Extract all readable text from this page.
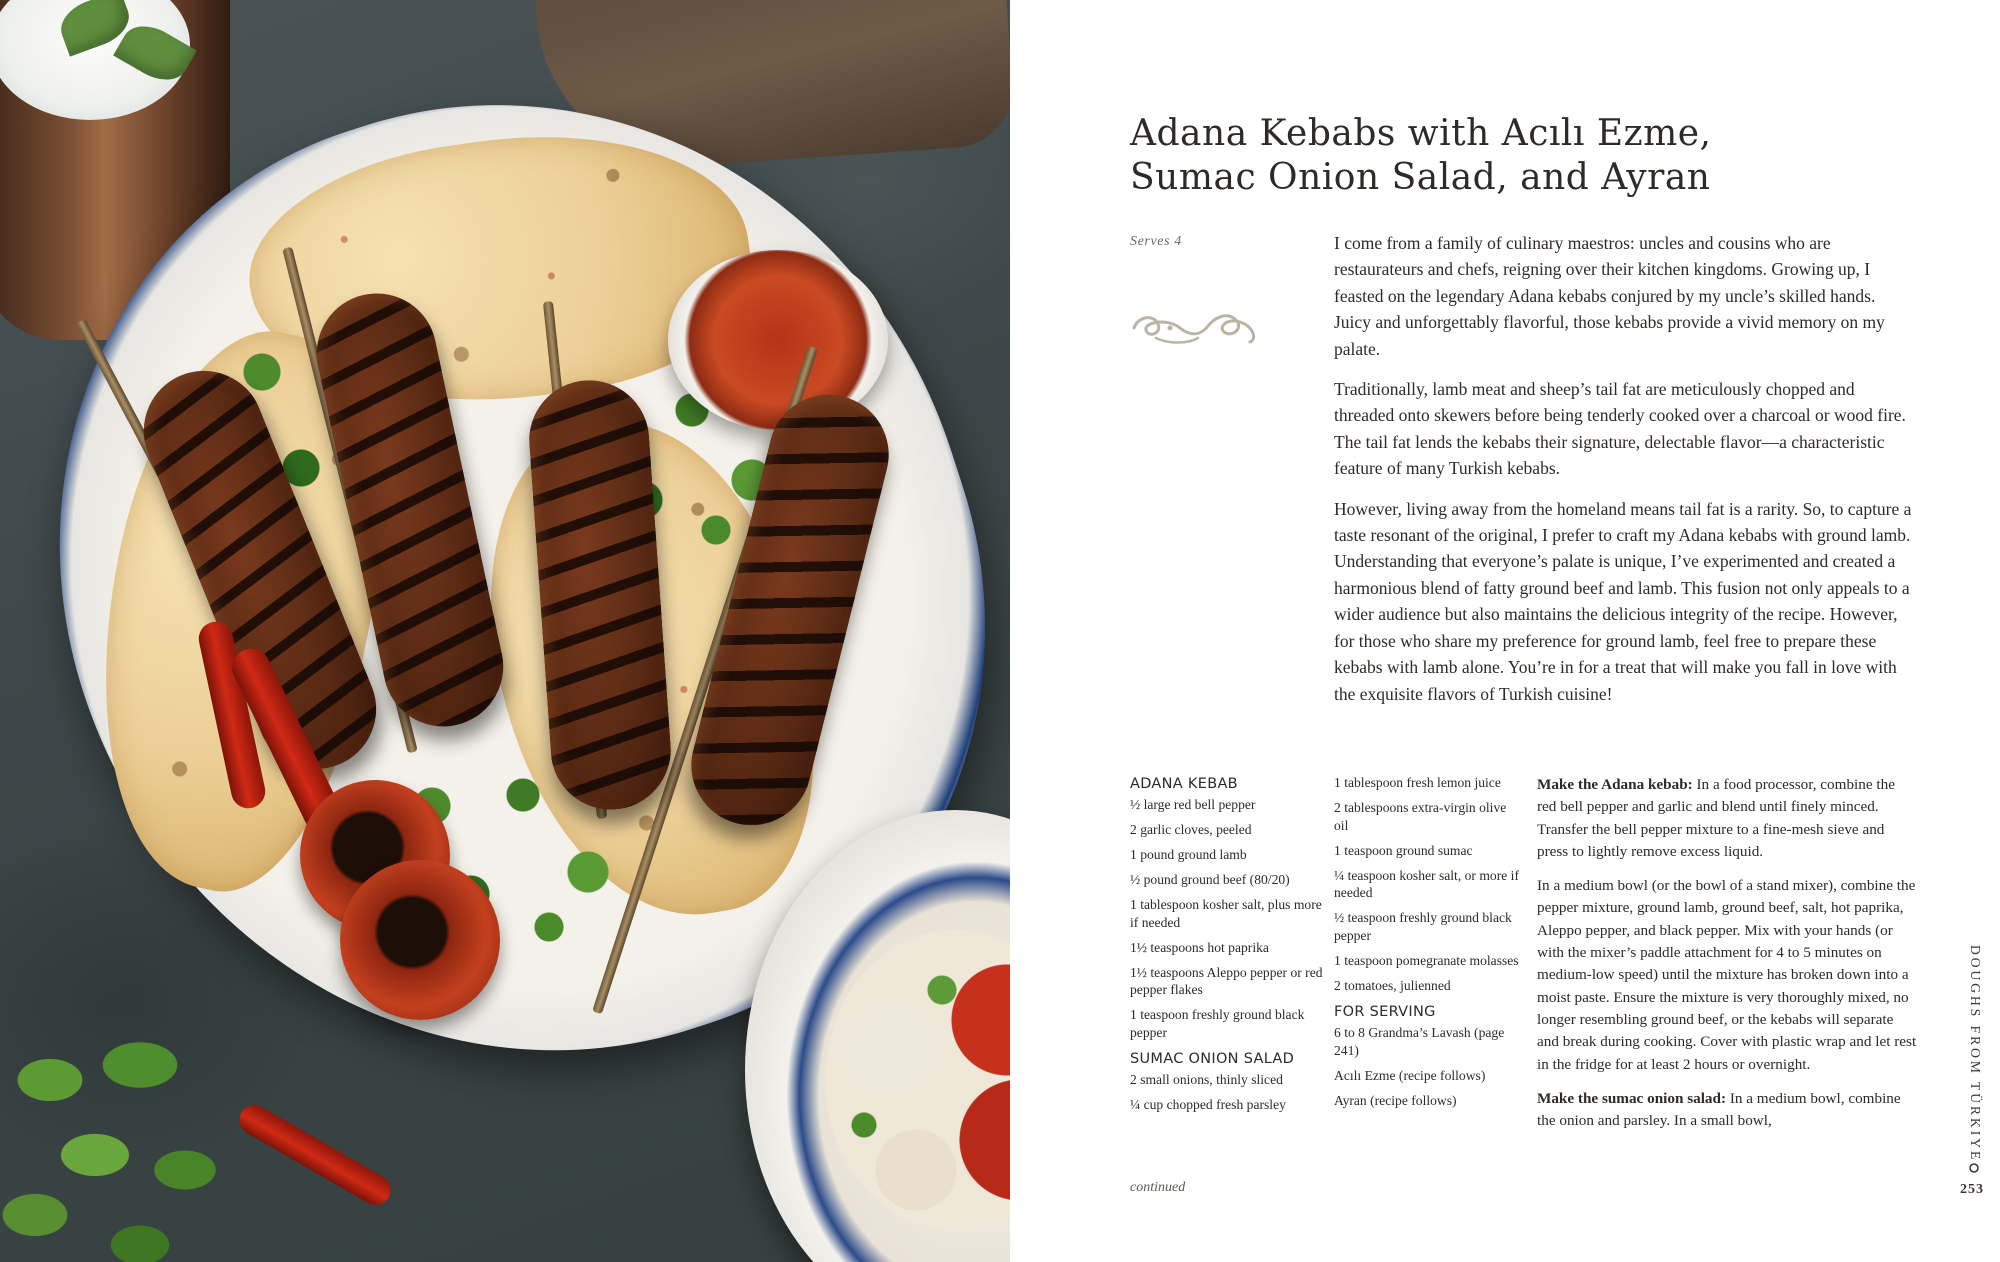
Adana Kebabs with Acılı Ezme,
Sumac Onion Salad, and Ayran
Serves 4	I come from a family of culinary maestros: uncles and cousins who are restaurateurs and chefs, reigning over their kitchen kingdoms. Growing up, I feasted on the legendary Adana kebabs conjured by my uncle’s skilled hands. Juicy and unforgettably flavorful, those kebabs provide a vivid memory on my palate.

Traditionally, lamb meat and sheep’s tail fat are meticulously chopped and threaded onto skewers before being tenderly cooked over a charcoal or wood fire. The tail fat lends the kebabs their signature, delectable flavor—a characteristic feature of many Turkish kebabs.

However, living away from the homeland means tail fat is a rarity. So, to capture a taste resonant of the original, I prefer to craft my Adana kebabs with ground lamb. Understanding that everyone’s palate is unique, I’ve experimented and created a harmonious blend of fatty ground beef and lamb. This fusion not only appeals to a wider audience but also maintains the delicious integrity of the recipe. However, for those who share my preference for ground lamb, feel free to prepare these kebabs with lamb alone. You’re in for a treat that will make you fall in love with the exquisite flavors of Turkish cuisine!

ADANA KEBAB
½ large red bell pepper
2 garlic cloves, peeled
1 pound ground lamb
½ pound ground beef (80/20)
1 tablespoon kosher salt, plus more if needed
1½ teaspoons hot paprika
1½ teaspoons Aleppo pepper or red pepper flakes
1 teaspoon freshly ground black pepper
SUMAC ONION SALAD
2 small onions, thinly sliced
¼ cup chopped fresh parsley
1 tablespoon fresh lemon juice
2 tablespoons extra-virgin olive oil
1 teaspoon ground sumac
¼ teaspoon kosher salt, or more if needed
½ teaspoon freshly ground black pepper
1 teaspoon pomegranate molasses
2 tomatoes, julienned
FOR SERVING
6 to 8 Grandma’s Lavash (page 241)
Acılı Ezme (recipe follows)
Ayran (recipe follows)

Make the Adana kebab: In a food processor, combine the red bell pepper and garlic and blend until finely minced. Transfer the bell pepper mixture to a fine-mesh sieve and press to lightly remove excess liquid.

In a medium bowl (or the bowl of a stand mixer), combine the pepper mixture, ground lamb, ground beef, salt, hot paprika, Aleppo pepper, and black pepper. Mix with your hands (or with the mixer’s paddle attachment for 4 to 5 minutes on medium-low speed) until the mixture has broken down into a moist paste. Ensure the mixture is very thoroughly mixed, no longer resembling ground beef, or the kebabs will separate and break during cooking. Cover with plastic wrap and let rest in the fridge for at least 2 hours or overnight.

Make the sumac onion salad: In a medium bowl, combine the onion and parsley. In a small bowl,

continued
DOUGHS FROM TÜRKIYE
253
